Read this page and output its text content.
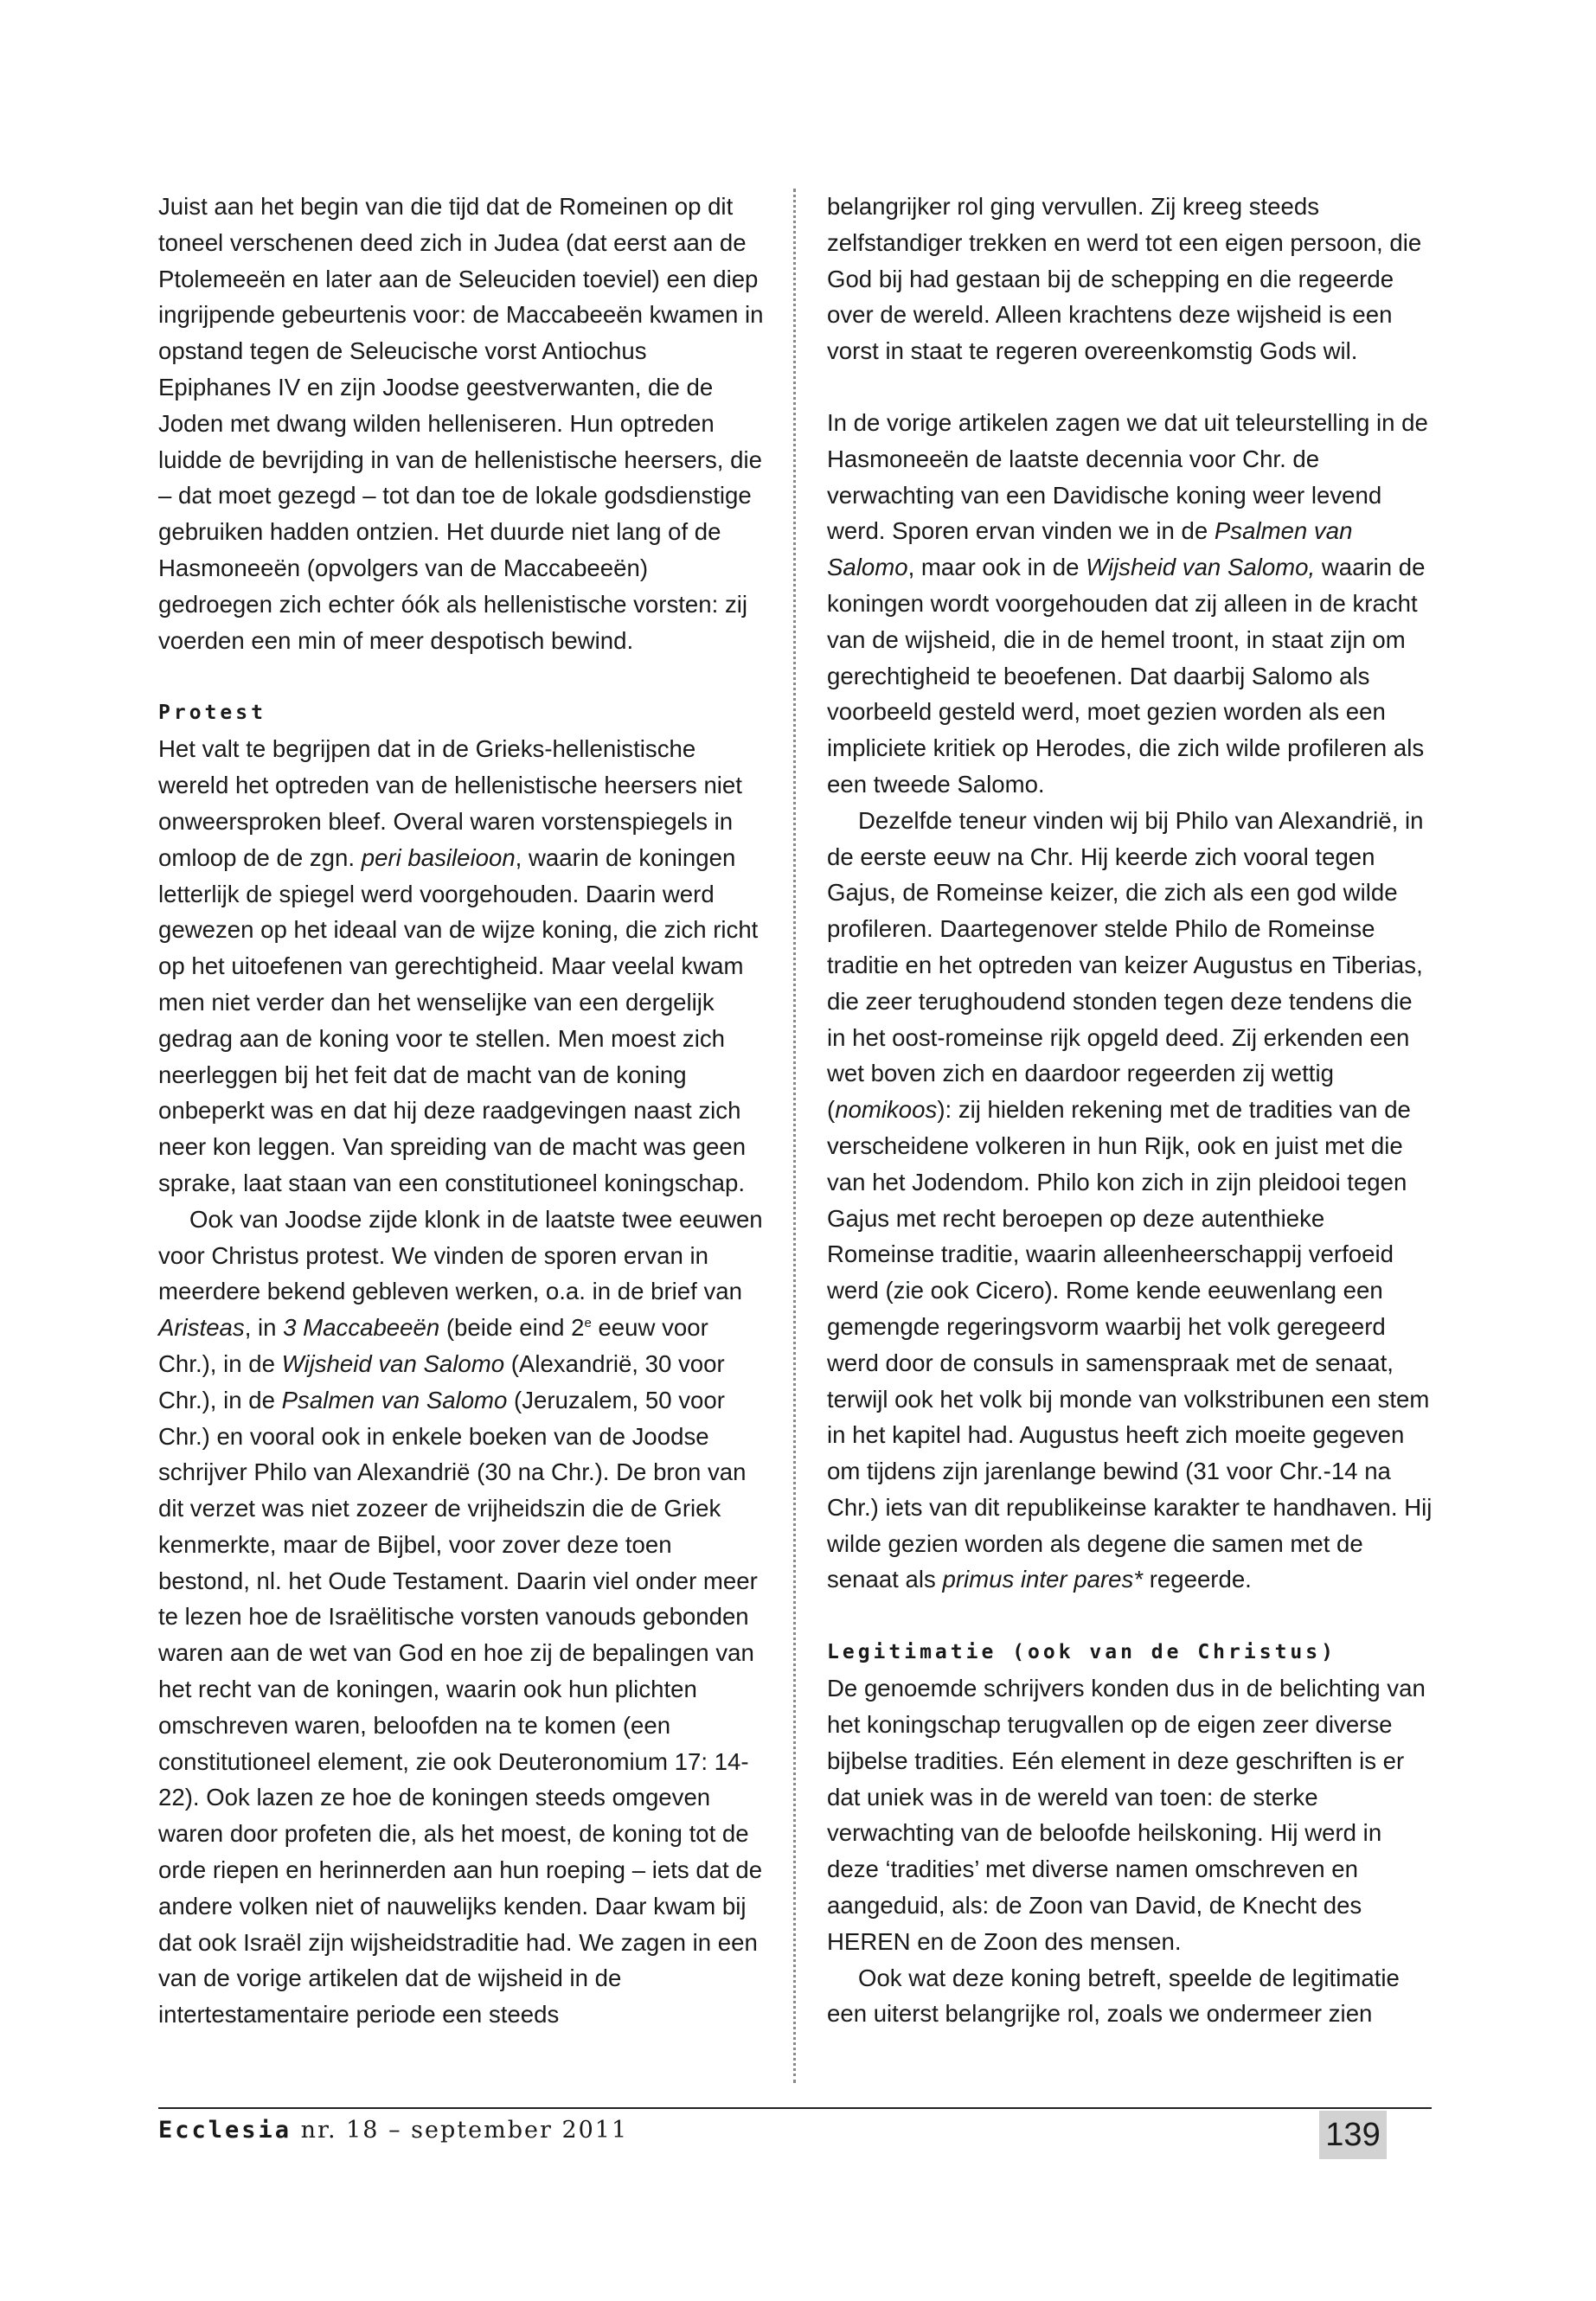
Juist aan het begin van die tijd dat de Romeinen op dit toneel verschenen deed zich in Judea (dat eerst aan de Ptolemeeën en later aan de Seleuciden toeviel) een diep ingrijpende gebeurtenis voor: de Maccabeeën kwamen in opstand tegen de Seleucische vorst Antiochus Epiphanes IV en zijn Joodse geestverwanten, die de Joden met dwang wilden helleniseren. Hun optreden luidde de bevrijding in van de hellenistische heersers, die – dat moet gezegd – tot dan toe de lokale godsdienstige gebruiken hadden ontzien. Het duurde niet lang of de Hasmoneeën (opvolgers van de Maccabeeën) gedroegen zich echter óók als hellenistische vorsten: zij voerden een min of meer despotisch bewind.

Protest

Het valt te begrijpen dat in de Grieks-hellenistische wereld het optreden van de hellenistische heersers niet onweersproken bleef. Overal waren vorstenspiegels in omloop de de zgn. peri basileioon, waarin de koningen letterlijk de spiegel werd voorgehouden. Daarin werd gewezen op het ideaal van de wijze koning, die zich richt op het uitoefenen van gerechtigheid. Maar veelal kwam men niet verder dan het wenselijke van een dergelijk gedrag aan de koning voor te stellen. Men moest zich neerleggen bij het feit dat de macht van de koning onbeperkt was en dat hij deze raadgevingen naast zich neer kon leggen. Van spreiding van de macht was geen sprake, laat staan van een constitutioneel koningschap.

Ook van Joodse zijde klonk in de laatste twee eeuwen voor Christus protest. We vinden de sporen ervan in meerdere bekend gebleven werken, o.a. in de brief van Aristeas, in 3 Maccabeeën (beide eind 2e eeuw voor Chr.), in de Wijsheid van Salomo (Alexandrië, 30 voor Chr.), in de Psalmen van Salomo (Jeruzalem, 50 voor Chr.) en vooral ook in enkele boeken van de Joodse schrijver Philo van Alexandrië (30 na Chr.). De bron van dit verzet was niet zozeer de vrijheidszin die de Griek kenmerkte, maar de Bijbel, voor zover deze toen bestond, nl. het Oude Testament. Daarin viel onder meer te lezen hoe de Israëlitische vorsten vanouds gebonden waren aan de wet van God en hoe zij de bepalingen van het recht van de koningen, waarin ook hun plichten omschreven waren, beloofden na te komen (een constitutioneel element, zie ook Deuteronomium 17: 14-22). Ook lazen ze hoe de koningen steeds omgeven waren door profeten die, als het moest, de koning tot de orde riepen en herinnerden aan hun roeping – iets dat de andere volken niet of nauwelijks kenden. Daar kwam bij dat ook Israël zijn wijsheidstraditie had. We zagen in een van de vorige artikelen dat de wijsheid in de intertestamentaire periode een steeds

belangrijker rol ging vervullen. Zij kreeg steeds zelfstandiger trekken en werd tot een eigen persoon, die God bij had gestaan bij de schepping en die regeerde over de wereld. Alleen krachtens deze wijsheid is een vorst in staat te regeren overeenkomstig Gods wil.

In de vorige artikelen zagen we dat uit teleurstelling in de Hasmoneeën de laatste decennia voor Chr. de verwachting van een Davidische koning weer levend werd. Sporen ervan vinden we in de Psalmen van Salomo, maar ook in de Wijsheid van Salomo, waarin de koningen wordt voorgehouden dat zij alleen in de kracht van de wijsheid, die in de hemel troont, in staat zijn om gerechtigheid te beoefenen. Dat daarbij Salomo als voorbeeld gesteld werd, moet gezien worden als een impliciete kritiek op Herodes, die zich wilde profileren als een tweede Salomo.

Dezelfde teneur vinden wij bij Philo van Alexandrië, in de eerste eeuw na Chr. Hij keerde zich vooral tegen Gajus, de Romeinse keizer, die zich als een god wilde profileren. Daartegenover stelde Philo de Romeinse traditie en het optreden van keizer Augustus en Tiberias, die zeer terughoudend stonden tegen deze tendens die in het oost-romeinse rijk opgeld deed. Zij erkenden een wet boven zich en daardoor regeerden zij wettig (nomikoos): zij hielden rekening met de tradities van de verscheidene volkeren in hun Rijk, ook en juist met die van het Jodendom. Philo kon zich in zijn pleidooi tegen Gajus met recht beroepen op deze autenthieke Romeinse traditie, waarin alleenheerschappij verfoeid werd (zie ook Cicero). Rome kende eeuwenlang een gemengde regeringsvorm waarbij het volk geregeerd werd door de consuls in samenspraak met de senaat, terwijl ook het volk bij monde van volkstribunen een stem in het kapitel had. Augustus heeft zich moeite gegeven om tijdens zijn jarenlange bewind (31 voor Chr.-14 na Chr.) iets van dit republikeinse karakter te handhaven. Hij wilde gezien worden als degene die samen met de senaat als primus inter pares* regeerde.

Legitimatie (ook van de Christus)

De genoemde schrijvers konden dus in de belichting van het koningschap terugvallen op de eigen zeer diverse bijbelse tradities. Eén element in deze geschriften is er dat uniek was in de wereld van toen: de sterke verwachting van de beloofde heilskoning. Hij werd in deze ‘tradities’ met diverse namen omschreven en aangeduid, als: de Zoon van David, de Knecht des HEREN en de Zoon des mensen.

Ook wat deze koning betreft, speelde de legitimatie een uiterst belangrijke rol, zoals we ondermeer zien

Ecclesia nr. 18 – september 2011	139
